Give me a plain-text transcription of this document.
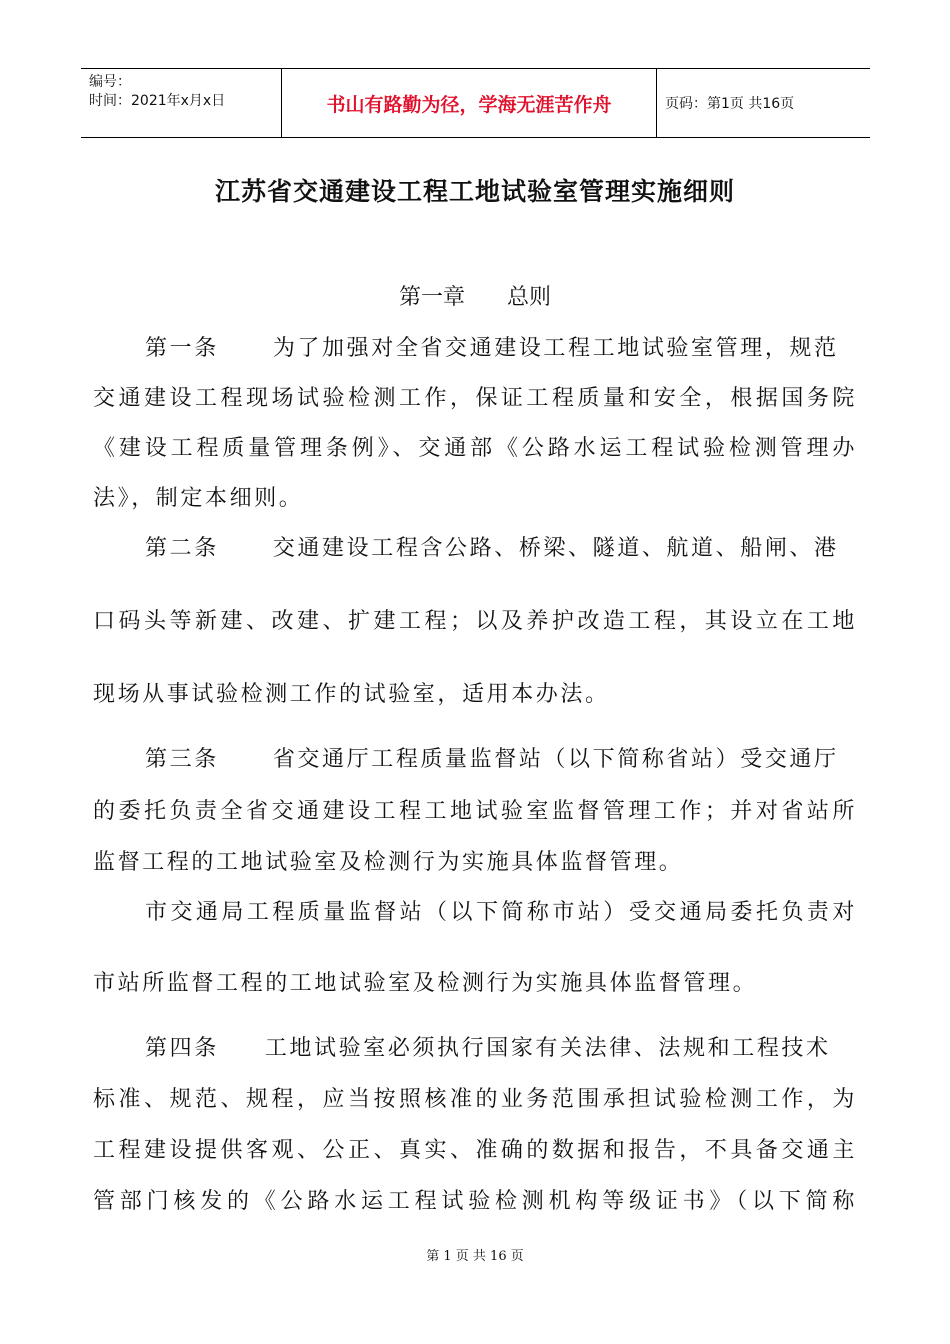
编号：
时间：2021年x月x日	书山有路勤为径，学海无涯苦作舟	页码：第1页 共16页
江苏省交通建设工程工地试验室管理实施细则
第一章      总则
第一条 为了加强对全省交通建设工程工地试验室管理，规范
交通建设工程现场试验检测工作，保证工程质量和安全，根据国务院
《建设工程质量管理条例》、交通部《公路水运工程试验检测管理办
法》，制定本细则。
第二条 交通建设工程含公路、桥梁、隧道、航道、船闸、港
口码头等新建、改建、扩建工程；以及养护改造工程，其设立在工地
现场从事试验检测工作的试验室，适用本办法。
第三条 省交通厅工程质量监督站（以下简称省站）受交通厅
的委托负责全省交通建设工程工地试验室监督管理工作；并对省站所
监督工程的工地试验室及检测行为实施具体监督管理。
市交通局工程质量监督站（以下简称市站）受交通局委托负责对
市站所监督工程的工地试验室及检测行为实施具体监督管理。
第四条 工地试验室必须执行国家有关法律、法规和工程技术
标准、规范、规程，应当按照核准的业务范围承担试验检测工作，为
工程建设提供客观、公正、真实、准确的数据和报告，不具备交通主
管部门核发的《公路水运工程试验检测机构等级证书》（以下简称
第 1 页 共 16 页
